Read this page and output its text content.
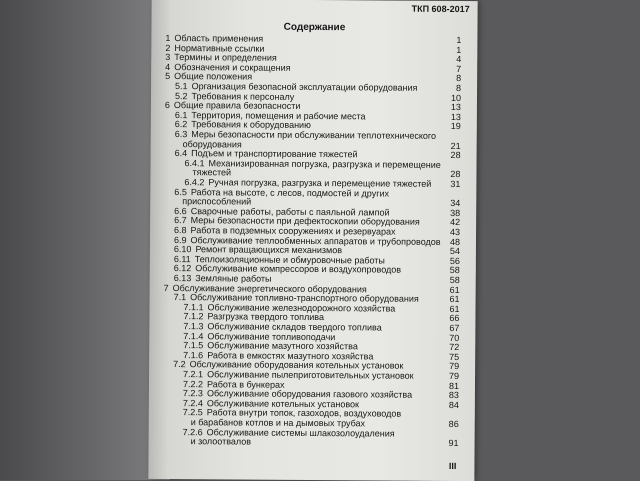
ТКП 608-2017
Содержание
1 Область применения	1
2 Нормативные ссылки	1
3 Термины и определения	4
4 Обозначения и сокращения	7
5 Общие положения	8
5.1 Организация безопасной эксплуатации оборудования	8
5.2 Требования к персоналу	10
6 Общие правила безопасности	13
6.1 Территория, помещения и рабочие места	13
6.2 Требования к оборудованию	19
6.3 Меры безопасности при обслуживании теплотехнического
оборудования	21
6.4 Подъем и транспортирование тяжестей	28
6.4.1 Механизированная погрузка, разгрузка и перемещение
тяжестей	28
6.4.2 Ручная погрузка, разгрузка и перемещение тяжестей 31
6.5 Работа на высоте, с лесов, подмостей и других
приспособлений	34
6.6 Сварочные работы, работы с паяльной лампой	38
6.7 Меры безопасности при дефектоскопии оборудования	42
6.8 Работа в подземных сооружениях и резервуарах	43
6.9 Обслуживание теплообменных аппаратов и трубопроводов 48
6.10 Ремонт вращающихся механизмов	54
6.11 Теплоизоляционные и обмуровочные работы	56
6.12 Обслуживание компрессоров и воздухопроводов	58
6.13 Земляные работы	58
7 Обслуживание энергетического оборудования	61
7.1 Обслуживание топливно-транспортного оборудования	61
7.1.1 Обслуживание железнодорожного хозяйства	61
7.1.2 Разгрузка твердого топлива	66
7.1.3 Обслуживание складов твердого топлива	67
7.1.4 Обслуживание топливоподачи	70
7.1.5 Обслуживание мазутного хозяйства	72
7.1.6 Работа в емкостях мазутного хозяйства	75
7.2 Обслуживание оборудования котельных установок	79
7.2.1 Обслуживание пылеприготовительных установок	79
7.2.2 Работа в бункерах	81
7.2.3 Обслуживание оборудования газового хозяйства	83
7.2.4 Обслуживание котельных установок	84
7.2.5 Работа внутри топок, газоходов, воздуховодов
и барабанов котлов и на дымовых трубах	86
7.2.6 Обслуживание системы шлакозолоудаления
и золоотвалов	91
III
